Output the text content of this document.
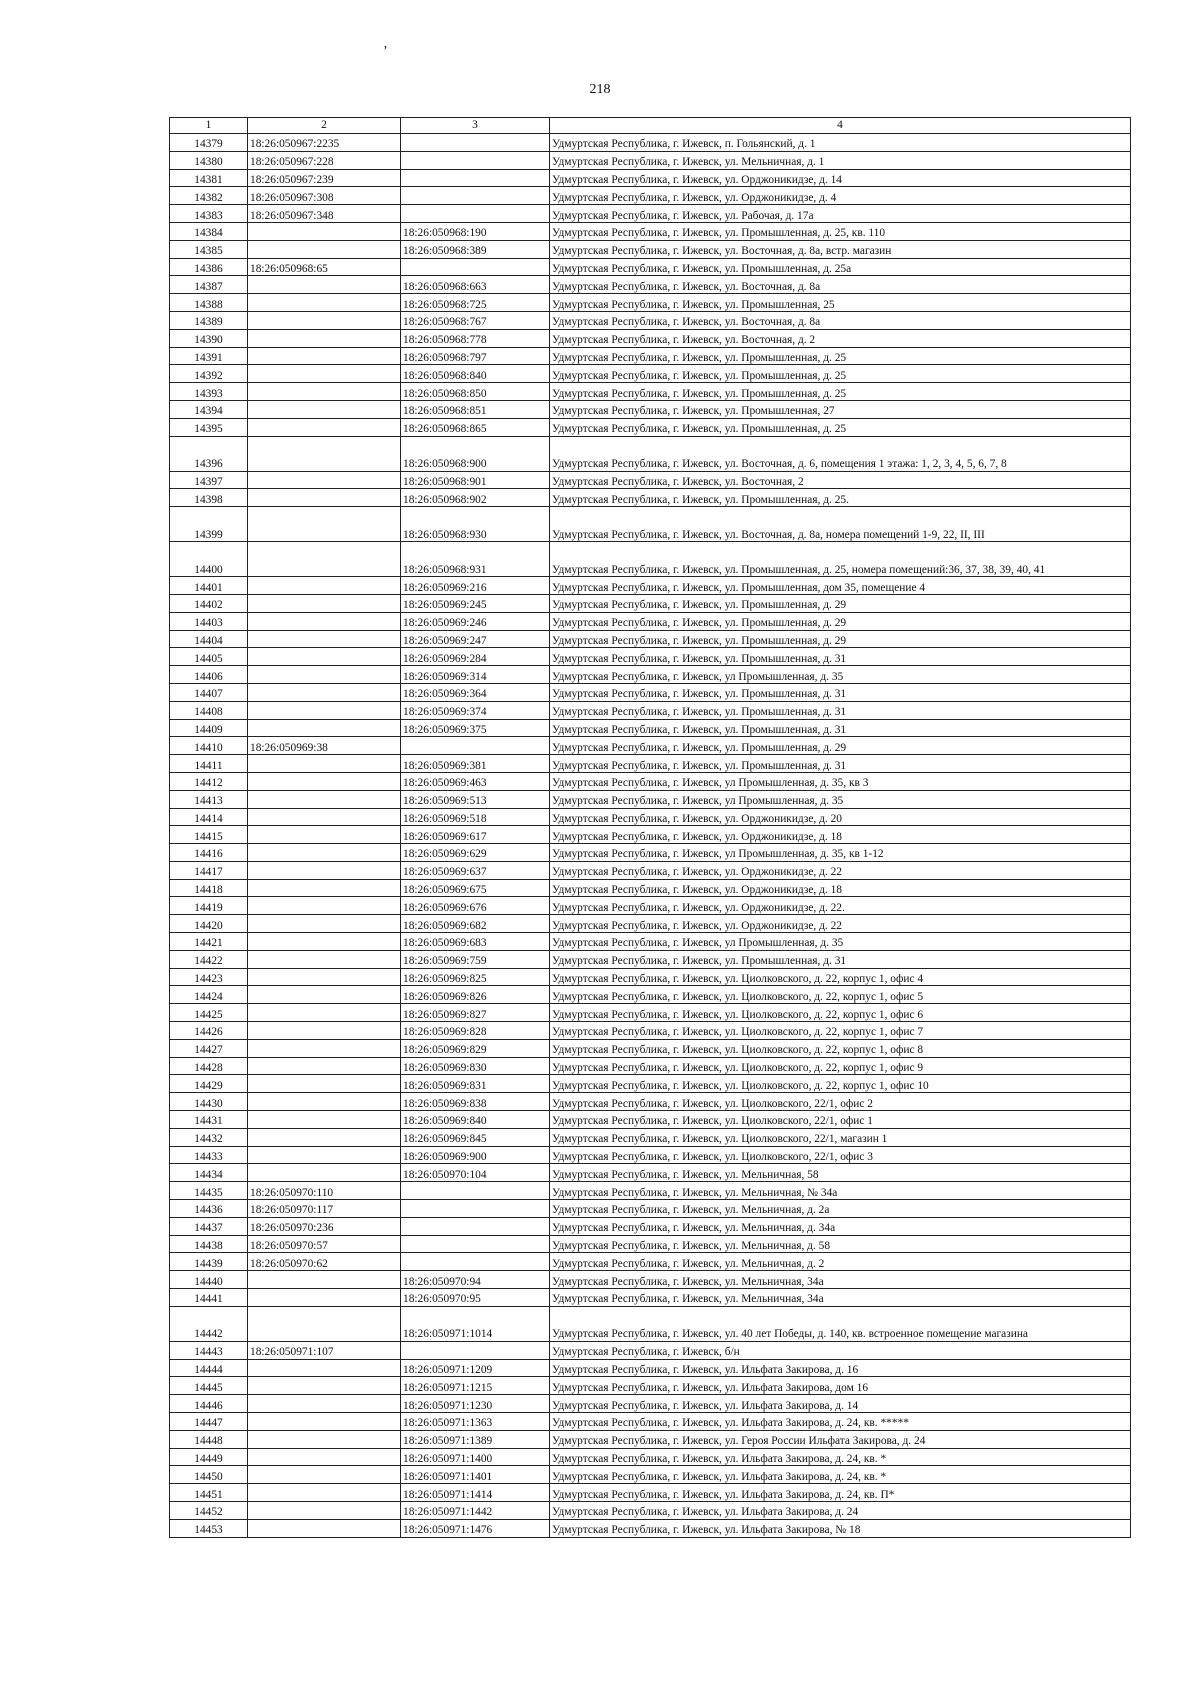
’
218
1	2	3	4
14379	18:26:050967:2235		Удмуртская Республика, г. Ижевск, п. Гольянский, д. 1
14380	18:26:050967:228		Удмуртская Республика, г. Ижевск, ул. Мельничная, д. 1
14381	18:26:050967:239		Удмуртская Республика, г. Ижевск, ул. Орджоникидзе, д. 14
14382	18:26:050967:308		Удмуртская Республика, г. Ижевск, ул. Орджоникидзе, д. 4
14383	18:26:050967:348		Удмуртская Республика, г. Ижевск, ул. Рабочая, д. 17а
14384		18:26:050968:190	Удмуртская Республика, г. Ижевск, ул. Промышленная, д. 25, кв. 110
14385		18:26:050968:389	Удмуртская Республика, г. Ижевск, ул. Восточная, д. 8а, встр. магазин
14386	18:26:050968:65		Удмуртская Республика, г. Ижевск, ул. Промышленная, д. 25а
14387		18:26:050968:663	Удмуртская Республика, г. Ижевск, ул. Восточная, д. 8а
14388		18:26:050968:725	Удмуртская Республика, г. Ижевск, ул. Промышленная, 25
14389		18:26:050968:767	Удмуртская Республика, г. Ижевск, ул. Восточная, д. 8а
14390		18:26:050968:778	Удмуртская Республика, г. Ижевск, ул. Восточная, д. 2
14391		18:26:050968:797	Удмуртская Республика, г. Ижевск, ул. Промышленная, д. 25
14392		18:26:050968:840	Удмуртская Республика, г. Ижевск, ул. Промышленная, д. 25
14393		18:26:050968:850	Удмуртская Республика, г. Ижевск, ул. Промышленная, д. 25
14394		18:26:050968:851	Удмуртская Республика, г. Ижевск, ул. Промышленная, 27
14395		18:26:050968:865	Удмуртская Республика, г. Ижевск, ул. Промышленная, д. 25
14396		18:26:050968:900	Удмуртская Республика, г. Ижевск, ул. Восточная, д. 6, помещения 1 этажа: 1, 2, 3, 4, 5, 6, 7, 8
14397		18:26:050968:901	Удмуртская Республика, г. Ижевск, ул. Восточная, 2
14398		18:26:050968:902	Удмуртская Республика, г. Ижевск, ул. Промышленная, д. 25.
14399		18:26:050968:930	Удмуртская Республика, г. Ижевск, ул. Восточная, д. 8а, номера помещений 1-9, 22, II, III
14400		18:26:050968:931	Удмуртская Республика, г. Ижевск, ул. Промышленная, д. 25, номера помещений:36, 37, 38, 39, 40, 41
14401		18:26:050969:216	Удмуртская Республика, г. Ижевск, ул. Промышленная, дом 35, помещение 4
14402		18:26:050969:245	Удмуртская Республика, г. Ижевск, ул. Промышленная, д. 29
14403		18:26:050969:246	Удмуртская Республика, г. Ижевск, ул. Промышленная, д. 29
14404		18:26:050969:247	Удмуртская Республика, г. Ижевск, ул. Промышленная, д. 29
14405		18:26:050969:284	Удмуртская Республика, г. Ижевск, ул. Промышленная, д. 31
14406		18:26:050969:314	Удмуртская Республика, г. Ижевск, ул Промышленная, д. 35
14407		18:26:050969:364	Удмуртская Республика, г. Ижевск, ул. Промышленная, д. 31
14408		18:26:050969:374	Удмуртская Республика, г. Ижевск, ул. Промышленная, д. 31
14409		18:26:050969:375	Удмуртская Республика, г. Ижевск, ул. Промышленная, д. 31
14410	18:26:050969:38		Удмуртская Республика, г. Ижевск, ул. Промышленная, д. 29
14411		18:26:050969:381	Удмуртская Республика, г. Ижевск, ул. Промышленная, д. 31
14412		18:26:050969:463	Удмуртская Республика, г. Ижевск, ул Промышленная, д. 35, кв 3
14413		18:26:050969:513	Удмуртская Республика, г. Ижевск, ул Промышленная, д. 35
14414		18:26:050969:518	Удмуртская Республика, г. Ижевск, ул. Орджоникидзе, д. 20
14415		18:26:050969:617	Удмуртская Республика, г. Ижевск, ул. Орджоникидзе, д. 18
14416		18:26:050969:629	Удмуртская Республика, г. Ижевск, ул Промышленная, д. 35, кв 1-12
14417		18:26:050969:637	Удмуртская Республика, г. Ижевск, ул. Орджоникидзе, д. 22
14418		18:26:050969:675	Удмуртская Республика, г. Ижевск, ул. Орджоникидзе, д. 18
14419		18:26:050969:676	Удмуртская Республика, г. Ижевск, ул. Орджоникидзе, д. 22.
14420		18:26:050969:682	Удмуртская Республика, г. Ижевск, ул. Орджоникидзе, д. 22
14421		18:26:050969:683	Удмуртская Республика, г. Ижевск, ул Промышленная, д. 35
14422		18:26:050969:759	Удмуртская Республика, г. Ижевск, ул. Промышленная, д. 31
14423		18:26:050969:825	Удмуртская Республика, г. Ижевск, ул. Циолковского, д. 22, корпус 1, офис 4
14424		18:26:050969:826	Удмуртская Республика, г. Ижевск, ул. Циолковского, д. 22, корпус 1, офис 5
14425		18:26:050969:827	Удмуртская Республика, г. Ижевск, ул. Циолковского, д. 22, корпус 1, офис 6
14426		18:26:050969:828	Удмуртская Республика, г. Ижевск, ул. Циолковского, д. 22, корпус 1, офис 7
14427		18:26:050969:829	Удмуртская Республика, г. Ижевск, ул. Циолковского, д. 22, корпус 1, офис 8
14428		18:26:050969:830	Удмуртская Республика, г. Ижевск, ул. Циолковского, д. 22, корпус 1, офис 9
14429		18:26:050969:831	Удмуртская Республика, г. Ижевск, ул. Циолковского, д. 22, корпус 1, офис 10
14430		18:26:050969:838	Удмуртская Республика, г. Ижевск, ул. Циолковского, 22/1, офис 2
14431		18:26:050969:840	Удмуртская Республика, г. Ижевск, ул. Циолковского, 22/1, офис 1
14432		18:26:050969:845	Удмуртская Республика, г. Ижевск, ул. Циолковского, 22/1, магазин 1
14433		18:26:050969:900	Удмуртская Республика, г. Ижевск, ул. Циолковского, 22/1, офис 3
14434		18:26:050970:104	Удмуртская Республика, г. Ижевск, ул. Мельничная, 58
14435	18:26:050970:110		Удмуртская Республика, г. Ижевск, ул. Мельничная, № 34а
14436	18:26:050970:117		Удмуртская Республика, г. Ижевск, ул. Мельничная, д. 2а
14437	18:26:050970:236		Удмуртская Республика, г. Ижевск, ул. Мельничная, д. 34а
14438	18:26:050970:57		Удмуртская Республика, г. Ижевск, ул. Мельничная, д. 58
14439	18:26:050970:62		Удмуртская Республика, г. Ижевск, ул. Мельничная, д. 2
14440		18:26:050970:94	Удмуртская Республика, г. Ижевск, ул. Мельничная, 34а
14441		18:26:050970:95	Удмуртская Республика, г. Ижевск, ул. Мельничная, 34а
14442		18:26:050971:1014	Удмуртская Республика, г. Ижевск, ул. 40 лет Победы, д. 140, кв. встроенное помещение магазина
14443	18:26:050971:107		Удмуртская Республика, г. Ижевск, б/н
14444		18:26:050971:1209	Удмуртская Республика, г. Ижевск, ул. Ильфата Закирова, д. 16
14445		18:26:050971:1215	Удмуртская Республика, г. Ижевск, ул. Ильфата Закирова, дом 16
14446		18:26:050971:1230	Удмуртская Республика, г. Ижевск, ул. Ильфата Закирова, д. 14
14447		18:26:050971:1363	Удмуртская Республика, г. Ижевск, ул. Ильфата Закирова, д. 24, кв. *****
14448		18:26:050971:1389	Удмуртская Республика, г. Ижевск, ул. Героя России Ильфата Закирова, д. 24
14449		18:26:050971:1400	Удмуртская Республика, г. Ижевск, ул. Ильфата Закирова, д. 24, кв. *
14450		18:26:050971:1401	Удмуртская Республика, г. Ижевск, ул. Ильфата Закирова, д. 24, кв. *
14451		18:26:050971:1414	Удмуртская Республика, г. Ижевск, ул. Ильфата Закирова, д. 24, кв. П*
14452		18:26:050971:1442	Удмуртская Республика, г. Ижевск, ул. Ильфата Закирова, д. 24
14453		18:26:050971:1476	Удмуртская Республика, г. Ижевск, ул. Ильфата Закирова, № 18
